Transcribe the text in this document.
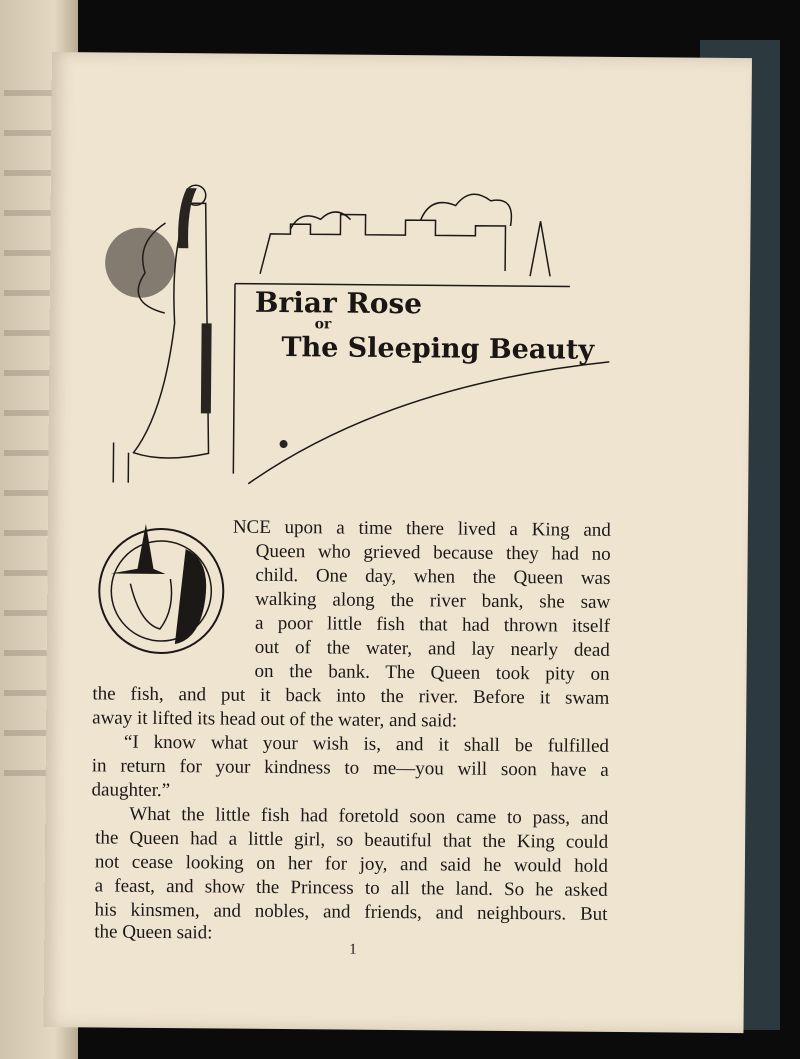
Briar Rose
or
The Sleeping Beauty
O
NCE upon a time there lived a King and
Queen who grieved because they had no
child. One day, when the Queen was
walking along the river bank, she saw
a poor little fish that had thrown itself
out of the water, and lay nearly dead
on the bank. The Queen took pity on
the fish, and put it back into the river. Before it swam
away it lifted its head out of the water, and said:
“I know what your wish is, and it shall be fulfilled
in return for your kindness to me—you will soon have a
daughter.”
What the little fish had foretold soon came to pass, and
the Queen had a little girl, so beautiful that the King could
not cease looking on her for joy, and said he would hold
a feast, and show the Princess to all the land. So he asked
his kinsmen, and nobles, and friends, and neighbours. But
the Queen said:
1
